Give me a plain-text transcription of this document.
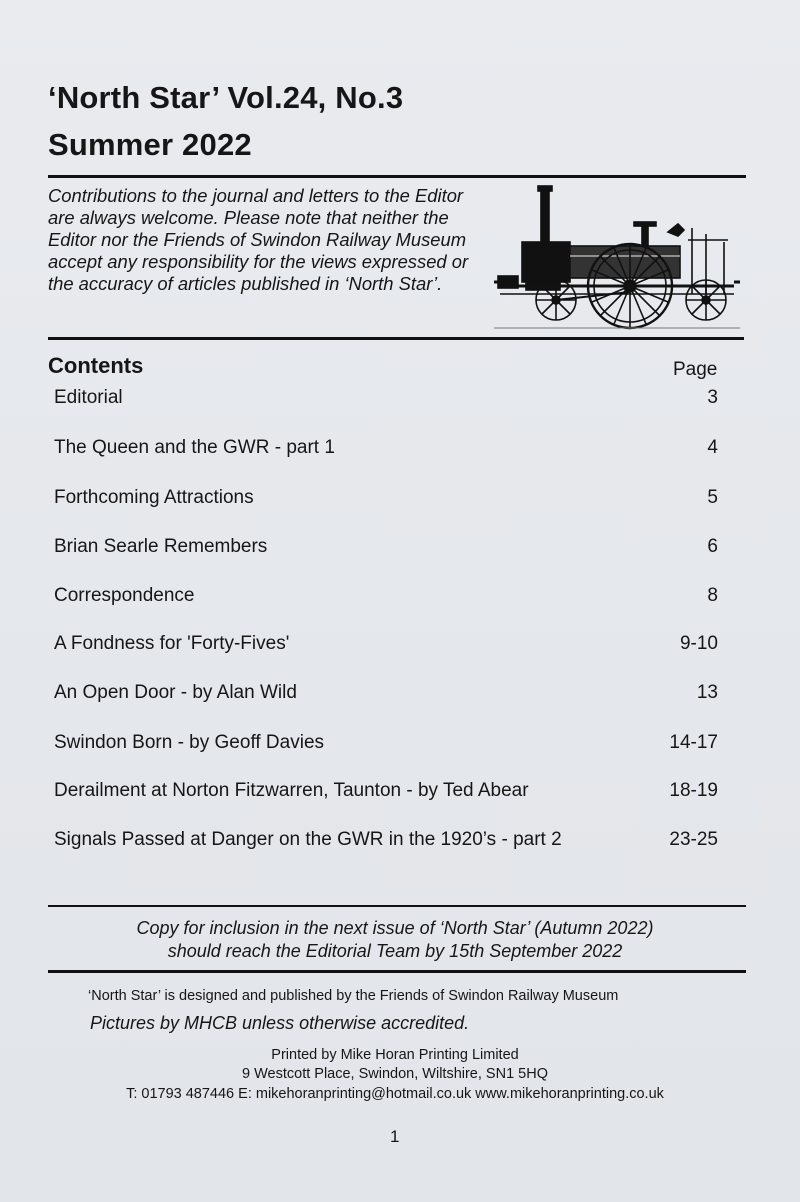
‘North Star’ Vol.24, No.3
Summer 2022
Contributions to the journal and letters to the Editor are always welcome. Please note that neither the Editor nor the Friends of Swindon Railway Museum accept any responsibility for the views expressed or the accuracy of articles published in ‘North Star’.
Contents	Page
Editorial	3
The Queen and the GWR - part 1	4
Forthcoming Attractions	5
Brian Searle Remembers	6
Correspondence	8
A Fondness for 'Forty-Fives'	9-10
An Open Door - by Alan Wild	13
Swindon Born - by Geoff Davies	14-17
Derailment at Norton Fitzwarren, Taunton - by Ted Abear	18-19
Signals Passed at Danger on the GWR in the 1920’s - part 2	23-25
Copy for inclusion in the next issue of ‘North Star’ (Autumn 2022)
should reach the Editorial Team by 15th September 2022
‘North Star’ is designed and published by the Friends of Swindon Railway Museum
Pictures by MHCB unless otherwise accredited.
Printed by Mike Horan Printing Limited
9 Westcott Place, Swindon, Wiltshire, SN1 5HQ
T: 01793 487446 E: mikehoranprinting@hotmail.co.uk www.mikehoranprinting.co.uk
1
